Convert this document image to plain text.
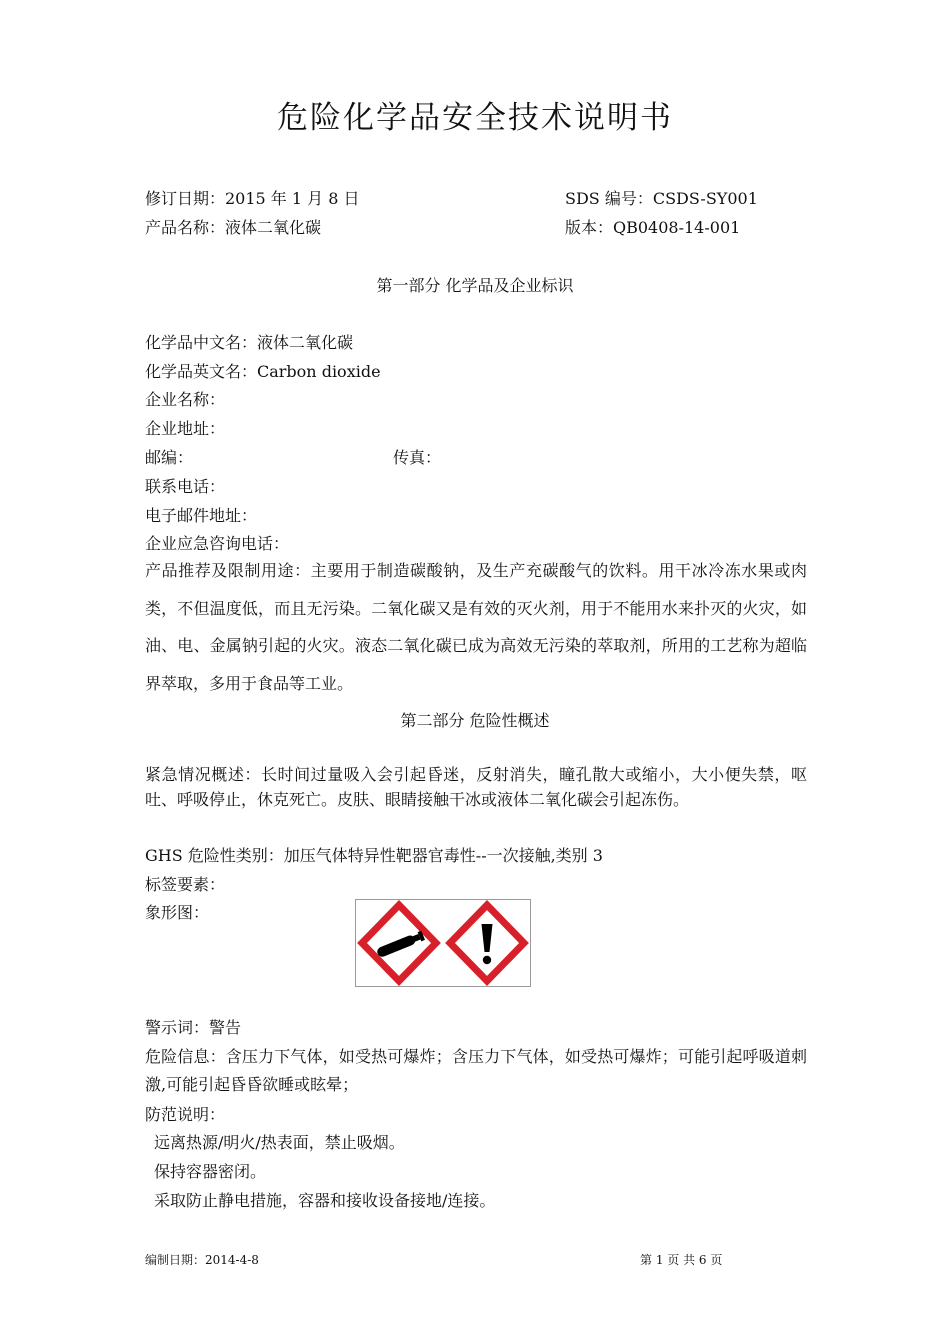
危险化学品安全技术说明书
修订日期：2015 年 1 月 8 日	SDS 编号：CSDS-SY001
产品名称：液体二氧化碳	版本：QB0408-14-001
第一部分 化学品及企业标识
化学品中文名：液体二氧化碳
化学品英文名：Carbon dioxide
企业名称：
企业地址：
邮编：	传真：
联系电话：
电子邮件地址：
企业应急咨询电话：
产品推荐及限制用途：主要用于制造碳酸钠，及生产充碳酸气的饮料。用干冰冷冻水果或肉类，不但温度低，而且无污染。二氧化碳又是有效的灭火剂，用于不能用水来扑灭的火灾，如油、电、金属钠引起的火灾。液态二氧化碳已成为高效无污染的萃取剂，所用的工艺称为超临界萃取，多用于食品等工业。
第二部分 危险性概述
紧急情况概述：长时间过量吸入会引起昏迷，反射消失，瞳孔散大或缩小，大小便失禁，呕吐、呼吸停止，休克死亡。皮肤、眼睛接触干冰或液体二氧化碳会引起冻伤。
GHS 危险性类别：加压气体特异性靶器官毒性--一次接触,类别 3
标签要素：
象形图：
警示词：警告
危险信息：含压力下气体，如受热可爆炸；含压力下气体，如受热可爆炸；可能引起呼吸道刺激,可能引起昏昏欲睡或眩晕；
防范说明：
远离热源/明火/热表面，禁止吸烟。
保持容器密闭。
采取防止静电措施，容器和接收设备接地/连接。
编制日期：2014-4-8	第 1 页 共 6 页
